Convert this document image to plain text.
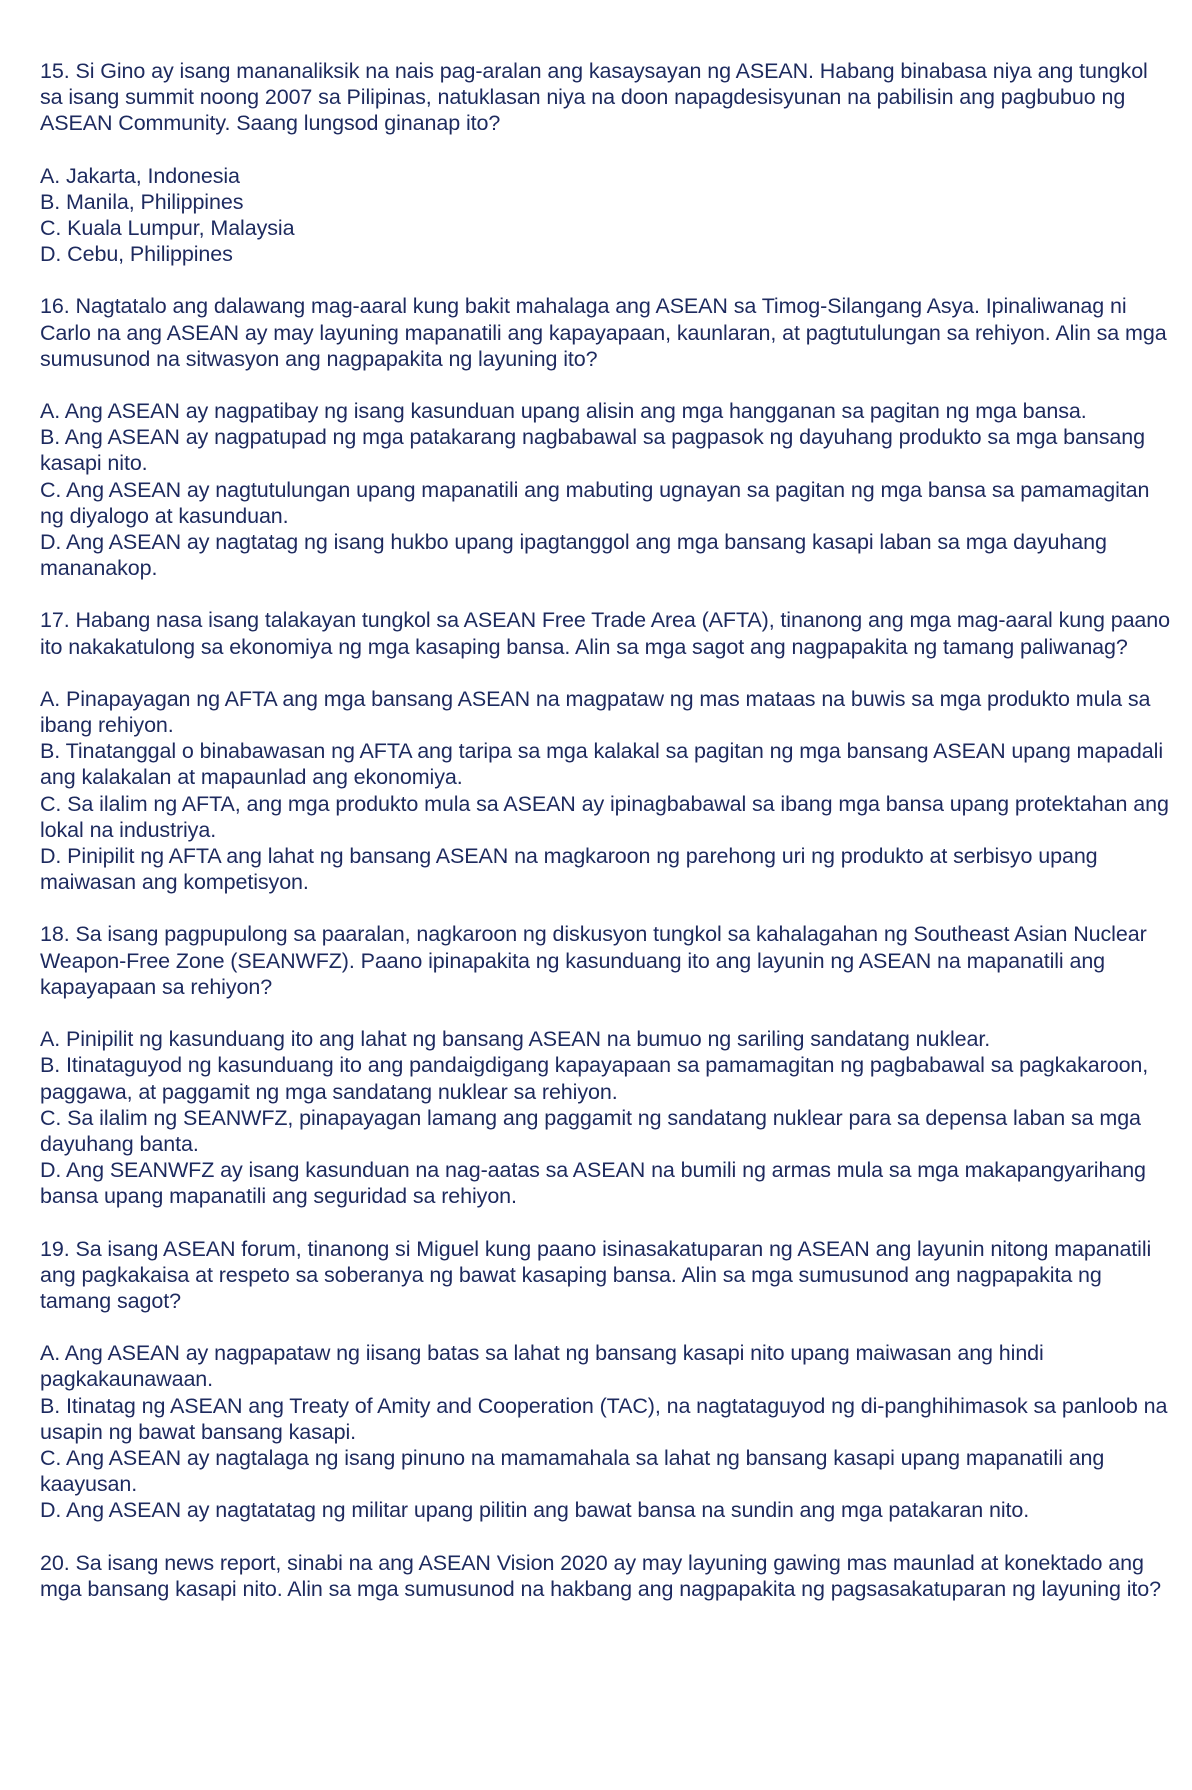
15. Si Gino ay isang mananaliksik na nais pag-aralan ang kasaysayan ng ASEAN. Habang binabasa niya ang tungkol sa isang summit noong 2007 sa Pilipinas, natuklasan niya na doon napagdesisyunan na pabilisin ang pagbubuo ng ASEAN Community. Saang lungsod ginanap ito?

A. Jakarta, Indonesia

B. Manila, Philippines

C. Kuala Lumpur, Malaysia

D. Cebu, Philippines

16. Nagtatalo ang dalawang mag-aaral kung bakit mahalaga ang ASEAN sa Timog-Silangang Asya. Ipinaliwanag ni Carlo na ang ASEAN ay may layuning mapanatili ang kapayapaan, kaunlaran, at pagtutulungan sa rehiyon. Alin sa mga sumusunod na sitwasyon ang nagpapakita ng layuning ito?

A. Ang ASEAN ay nagpatibay ng isang kasunduan upang alisin ang mga hangganan sa pagitan ng mga bansa.

B. Ang ASEAN ay nagpatupad ng mga patakarang nagbabawal sa pagpasok ng dayuhang produkto sa mga bansang kasapi nito.

C. Ang ASEAN ay nagtutulungan upang mapanatili ang mabuting ugnayan sa pagitan ng mga bansa sa pamamagitan ng diyalogo at kasunduan.

D. Ang ASEAN ay nagtatag ng isang hukbo upang ipagtanggol ang mga bansang kasapi laban sa mga dayuhang mananakop.

17. Habang nasa isang talakayan tungkol sa ASEAN Free Trade Area (AFTA), tinanong ang mga mag-aaral kung paano ito nakakatulong sa ekonomiya ng mga kasaping bansa. Alin sa mga sagot ang nagpapakita ng tamang paliwanag?

A. Pinapayagan ng AFTA ang mga bansang ASEAN na magpataw ng mas mataas na buwis sa mga produkto mula sa ibang rehiyon.

B. Tinatanggal o binabawasan ng AFTA ang taripa sa mga kalakal sa pagitan ng mga bansang ASEAN upang mapadali ang kalakalan at mapaunlad ang ekonomiya.

C. Sa ilalim ng AFTA, ang mga produkto mula sa ASEAN ay ipinagbabawal sa ibang mga bansa upang protektahan ang lokal na industriya.

D. Pinipilit ng AFTA ang lahat ng bansang ASEAN na magkaroon ng parehong uri ng produkto at serbisyo upang maiwasan ang kompetisyon.

18. Sa isang pagpupulong sa paaralan, nagkaroon ng diskusyon tungkol sa kahalagahan ng Southeast Asian Nuclear Weapon-Free Zone (SEANWFZ). Paano ipinapakita ng kasunduang ito ang layunin ng ASEAN na mapanatili ang kapayapaan sa rehiyon?

A. Pinipilit ng kasunduang ito ang lahat ng bansang ASEAN na bumuo ng sariling sandatang nuklear.

B. Itinataguyod ng kasunduang ito ang pandaigdigang kapayapaan sa pamamagitan ng pagbabawal sa pagkakaroon, paggawa, at paggamit ng mga sandatang nuklear sa rehiyon.

C. Sa ilalim ng SEANWFZ, pinapayagan lamang ang paggamit ng sandatang nuklear para sa depensa laban sa mga dayuhang banta.

D. Ang SEANWFZ ay isang kasunduan na nag-aatas sa ASEAN na bumili ng armas mula sa mga makapangyarihang bansa upang mapanatili ang seguridad sa rehiyon.

19. Sa isang ASEAN forum, tinanong si Miguel kung paano isinasakatuparan ng ASEAN ang layunin nitong mapanatili ang pagkakaisa at respeto sa soberanya ng bawat kasaping bansa. Alin sa mga sumusunod ang nagpapakita ng tamang sagot?

A. Ang ASEAN ay nagpapataw ng iisang batas sa lahat ng bansang kasapi nito upang maiwasan ang hindi pagkakaunawaan.

B. Itinatag ng ASEAN ang Treaty of Amity and Cooperation (TAC), na nagtataguyod ng di-panghihimasok sa panloob na usapin ng bawat bansang kasapi.

C. Ang ASEAN ay nagtalaga ng isang pinuno na mamamahala sa lahat ng bansang kasapi upang mapanatili ang kaayusan.

D. Ang ASEAN ay nagtatatag ng militar upang pilitin ang bawat bansa na sundin ang mga patakaran nito.

20. Sa isang news report, sinabi na ang ASEAN Vision 2020 ay may layuning gawing mas maunlad at konektado ang mga bansang kasapi nito. Alin sa mga sumusunod na hakbang ang nagpapakita ng pagsasakatuparan ng layuning ito?
